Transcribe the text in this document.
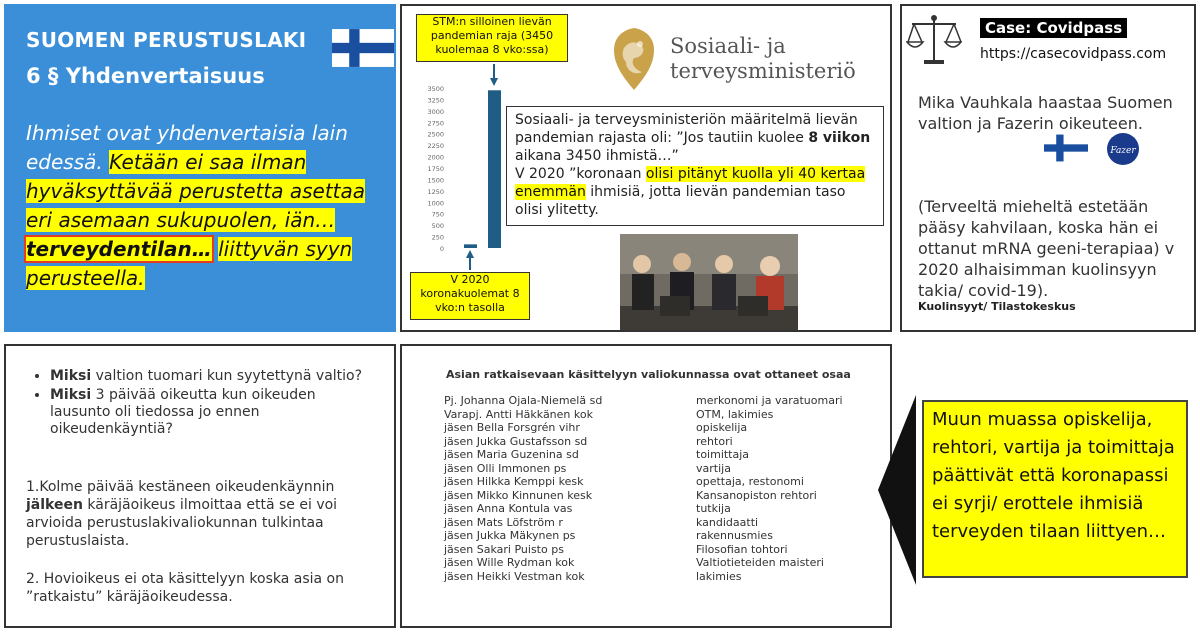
SUOMEN PERUSTUSLAKI
6 § Yhdenvertaisuus
Ihmiset ovat yhdenvertaisia lain edessä. Ketään ei saa ilman hyväksyttävää perustetta asettaa eri asemaan sukupuolen, iän… terveydentilan… liittyvän syyn perusteella.
0
250
500
750
1000
1250
1500
1750
2000
2250
2500
2750
3000
3250
3500
STM:n silloinen lievän pandemian raja (3450 kuolemaa 8 vko:ssa)
V 2020 koronakuolemat 8 vko:n tasolla
Sosiaali- ja
terveysministeriö
Sosiaali- ja terveysministeriön määritelmä lievän pandemian rajasta oli: ”Jos tautiin kuolee 8 viikon aikana 3450 ihmistä…”
V 2020 ”koronaan olisi pitänyt kuolla yli 40 kertaa enemmän ihmisiä, jotta lievän pandemian taso olisi ylitetty.
Case: Covidpass
https://casecovidpass.com
Mika Vauhkala haastaa Suomen valtion ja Fazerin oikeuteen.
Fazer
(Terveeltä mieheltä estetään pääsy kahvilaan, koska hän ei ottanut mRNA geeni-terapiaa) v 2020 alhaisimman kuolinsyyn takia/ covid-19).
Kuolinsyyt/ Tilastokeskus
• Miksi valtion tuomari kun syytettynä valtio?
• Miksi 3 päivää oikeutta kun oikeuden lausunto oli tiedossa jo ennen oikeudenkäyntiä?
1.Kolme päivää kestäneen oikeudenkäynnin jälkeen käräjäoikeus ilmoittaa että se ei voi arvioida perustuslakivaliokunnan tulkintaa perustuslaista.
2. Hovioikeus ei ota käsittelyyn koska asia on ”ratkaistu” käräjäoikeudessa.
Asian ratkaisevaan käsittelyyn valiokunnassa ovat ottaneet osaa
Pj. Johanna Ojala-Niemelä sd
Varapj. Antti Häkkänen kok
jäsen Bella Forsgrén vihr
jäsen Jukka Gustafsson sd
jäsen Maria Guzenina sd
jäsen Olli Immonen ps
jäsen Hilkka Kemppi kesk
jäsen Mikko Kinnunen kesk
jäsen Anna Kontula vas
jäsen Mats Löfström r
jäsen Jukka Mäkynen ps
jäsen Sakari Puisto ps
jäsen Wille Rydman kok
jäsen Heikki Vestman kok
merkonomi ja varatuomari
OTM, lakimies
opiskelija
rehtori
toimittaja
vartija
opettaja, restonomi
Kansanopiston rehtori
tutkija
kandidaatti
rakennusmies
Filosofian tohtori
Valtiotieteiden maisteri
lakimies
Muun muassa opiskelija, rehtori, vartija ja toimittaja päättivät että koronapassi ei syrji/ erottele ihmisiä terveyden tilaan liittyen…
